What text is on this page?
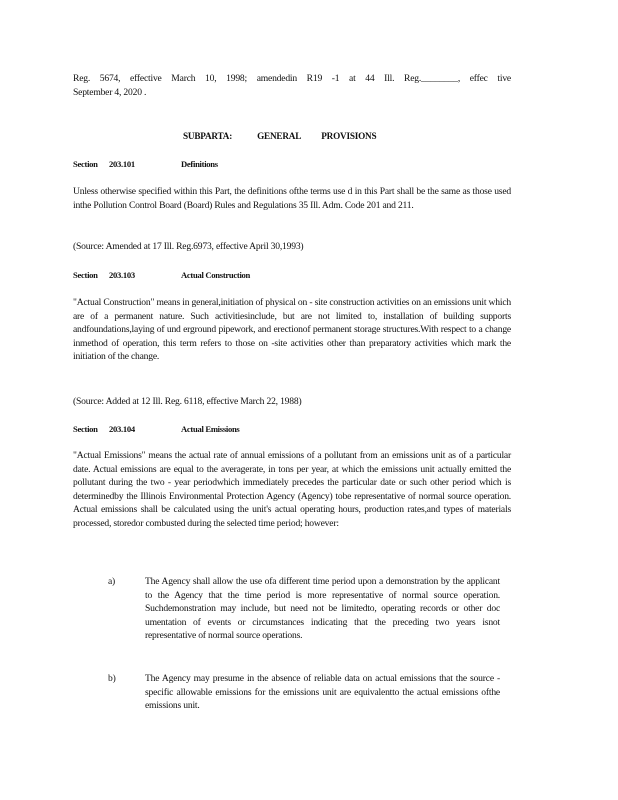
Reg. 5674, effective March 10, 1998; amendedin R19 -1 at 44 Ill. Reg.________, effec tive
September 4, 2020 .

SUBPARTA:	GENERAL PROVISIONS
Section 203.101	Definitions

Unless otherwise specified within this Part, the definitions ofthe terms use d in this Part shall be the same as those used inthe Pollution Control Board (Board) Rules and Regulations 35 Ill. Adm. Code 201 and 211.

(Source: Amended at 17 Ill. Reg.6973, effective April 30,1993)

Section 203.103	Actual Construction

"Actual Construction" means in general,initiation of physical on - site construction activities on an emissions unit which are of a permanent nature. Such activitiesinclude, but are not limited to, installation of building supports andfoundations,laying of und erground pipework, and erectionof permanent storage structures.With respect to a change inmethod of operation, this term refers to those on -site activities other than preparatory activities which mark the initiation of the change.

(Source: Added at 12 Ill. Reg. 6118, effective March 22, 1988)

Section 203.104	Actual Emissions

"Actual Emissions" means the actual rate of annual emissions of a pollutant from an emissions unit as of a particular date. Actual emissions are equal to the averagerate, in tons per year, at which the emissions unit actually emitted the pollutant during the two - year periodwhich immediately precedes the particular date or such other period which is determinedby the Illinois Environmental Protection Agency (Agency) tobe representative of normal source operation. Actual emissions shall be calculated using the unit's actual operating hours, production rates,and types of materials processed, storedor combusted during the selected time period; however:

a)	The Agency shall allow the use ofa different time period upon a demonstration by the applicant to the Agency that the time period is more representative of normal source operation. Suchdemonstration may include, but need not be limitedto, operating records or other doc umentation of events or circumstances indicating that the preceding two years isnot representative of normal source operations.
b)	The Agency may presume in the absence of reliable data on actual emissions that the source -specific allowable emissions for the emissions unit are equivalentto the actual emissions ofthe emissions unit.
